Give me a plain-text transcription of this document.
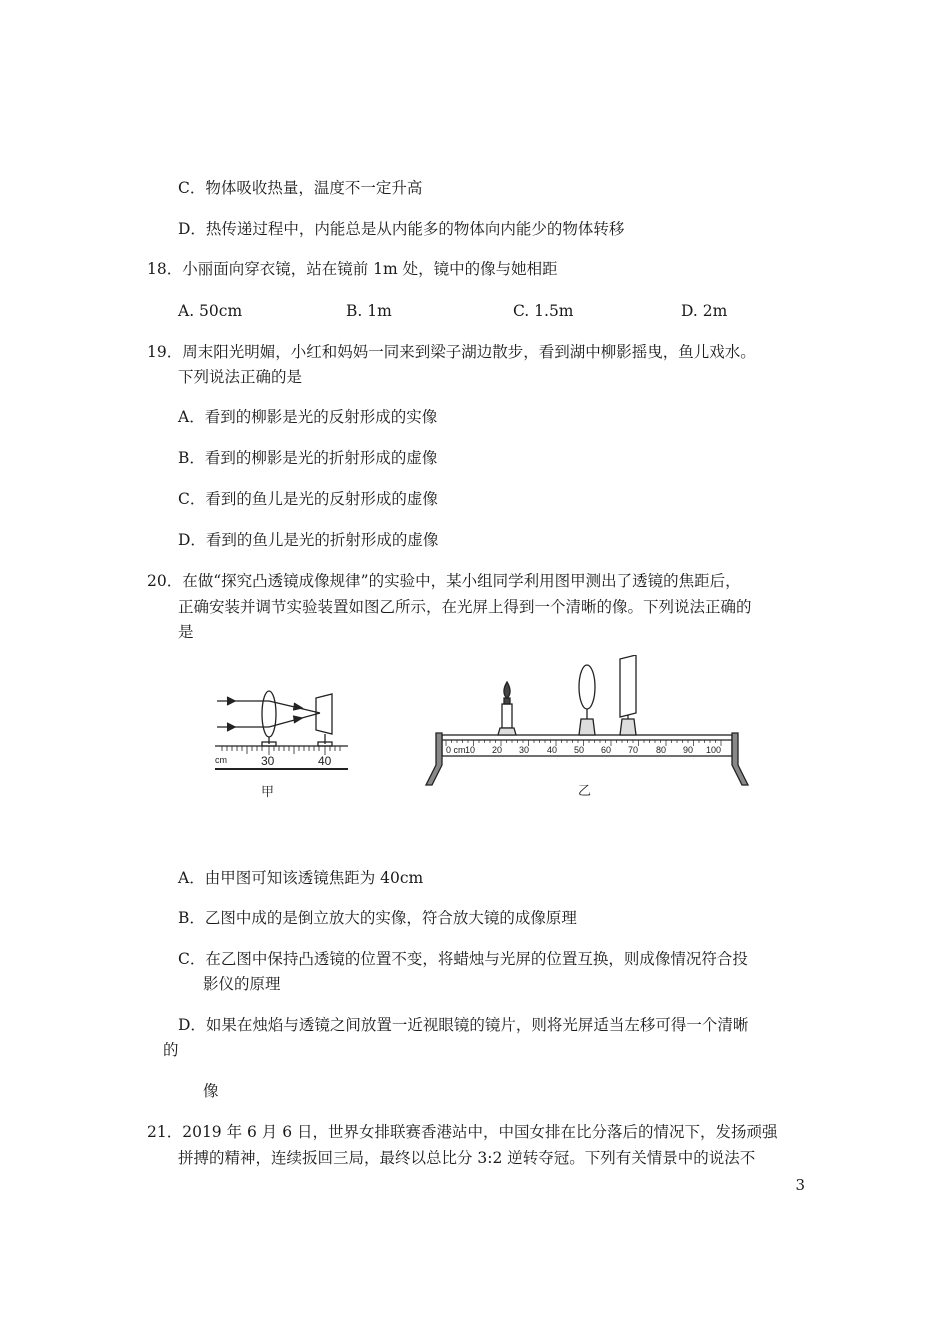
C．物体吸收热量，温度不一定升高
D．热传递过程中，内能总是从内能多的物体向内能少的物体转移
18．小丽面向穿衣镜，站在镜前 1m 处，镜中的像与她相距
A. 50cm	B. 1m	C. 1.5m	D. 2m
19．周末阳光明媚，小红和妈妈一同来到梁子湖边散步，看到湖中柳影摇曳，鱼儿戏水。
下列说法正确的是
A．看到的柳影是光的反射形成的实像
B．看到的柳影是光的折射形成的虚像
C．看到的鱼儿是光的反射形成的虚像
D．看到的鱼儿是光的折射形成的虚像
20．在做“探究凸透镜成像规律”的实验中，某小组同学利用图甲测出了透镜的焦距后，
正确安装并调节实验装置如图乙所示，在光屏上得到一个清晰的像。下列说法正确的
是
cm	30	40
甲
0 cm 10 20 30 40 50 60 70 80 90 100
乙
A．由甲图可知该透镜焦距为 40cm
B．乙图中成的是倒立放大的实像，符合放大镜的成像原理
C．在乙图中保持凸透镜的位置不变，将蜡烛与光屏的位置互换，则成像情况符合投
影仪的原理
D．如果在烛焰与透镜之间放置一近视眼镜的镜片，则将光屏适当左移可得一个清晰
的
像
21．2019 年 6 月 6 日，世界女排联赛香港站中，中国女排在比分落后的情况下，发扬顽强
拼搏的精神，连续扳回三局，最终以总比分 3:2 逆转夺冠。下列有关情景中的说法不
3
